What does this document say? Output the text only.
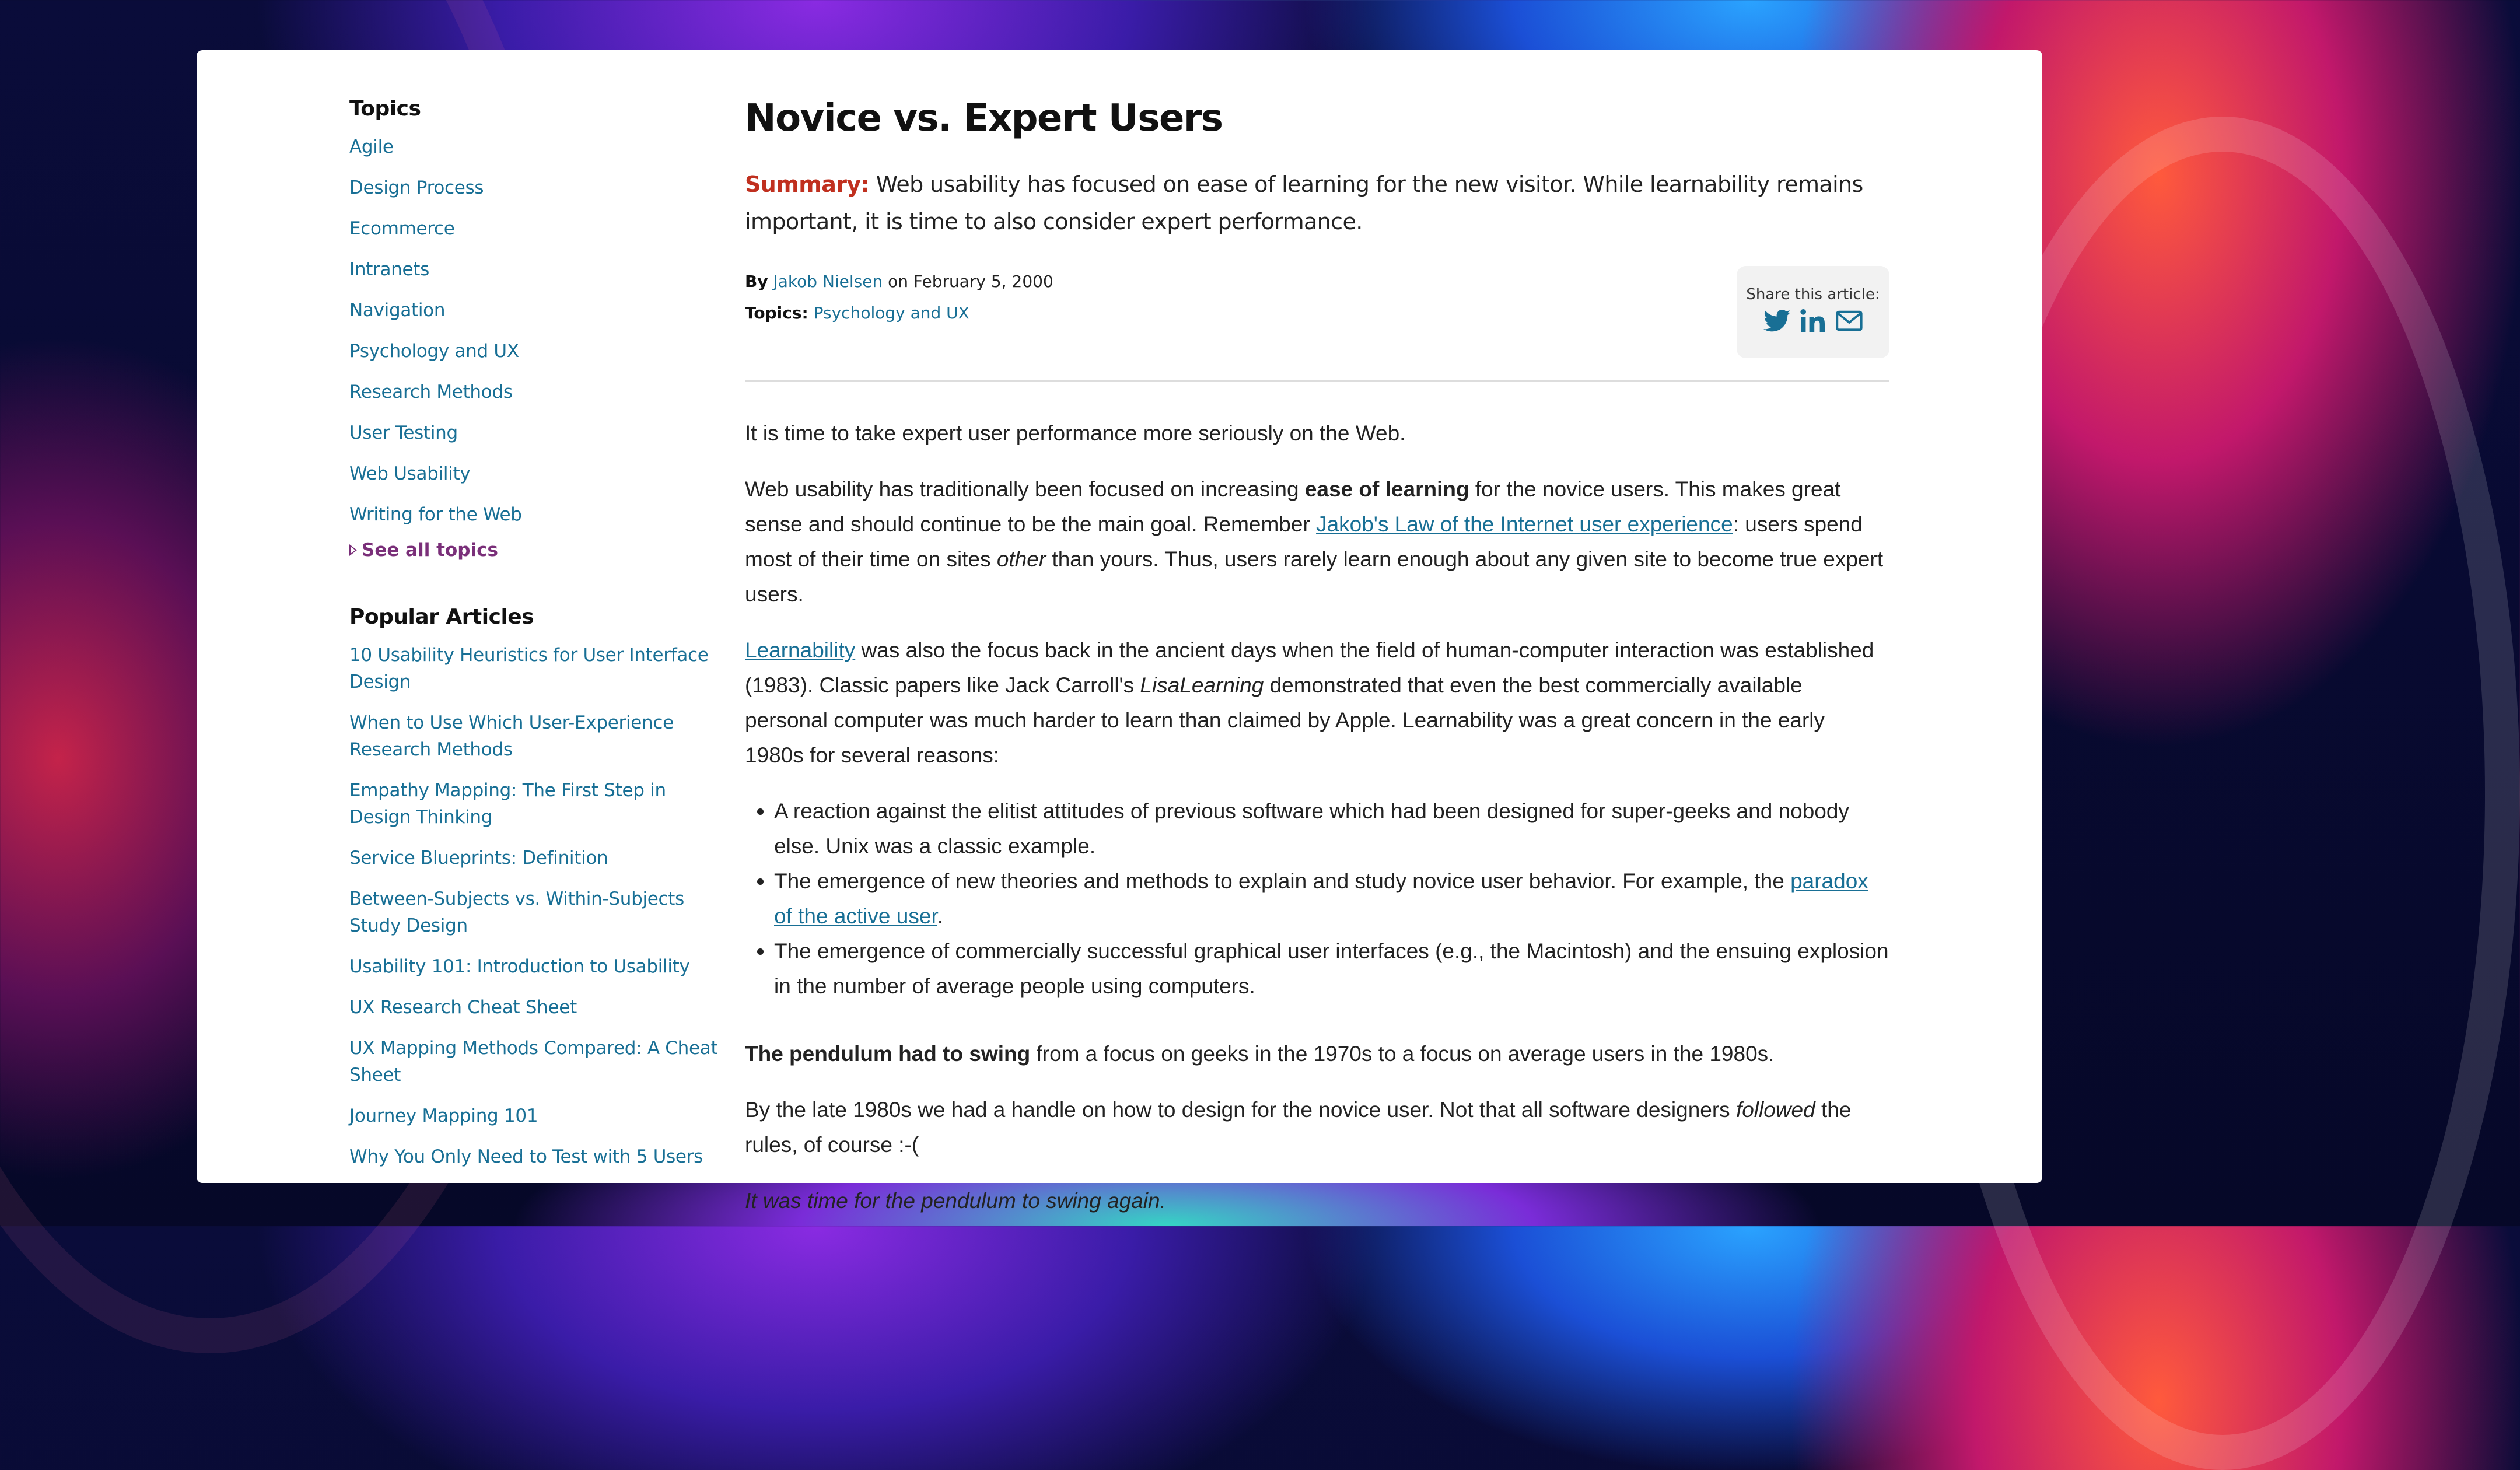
Topics
Agile
Design Process
Ecommerce
Intranets
Navigation
Psychology and UX
Research Methods
User Testing
Web Usability
Writing for the Web
See all topics
Popular Articles
10 Usability Heuristics for User Interface Design
When to Use Which User-Experience Research Methods
Empathy Mapping: The First Step in Design Thinking
Service Blueprints: Definition
Between-Subjects vs. Within-Subjects Study Design
Usability 101: Introduction to Usability
UX Research Cheat Sheet
UX Mapping Methods Compared: A Cheat Sheet
Journey Mapping 101
Why You Only Need to Test with 5 Users
Novice vs. Expert Users

Summary: Web usability has focused on ease of learning for the new visitor. While learnability remains important, it is time to also consider expert performance.

By Jakob Nielsen on February 5, 2000
Topics: Psychology and UX
Share this article:

It is time to take expert user performance more seriously on the Web.

Web usability has traditionally been focused on increasing ease of learning for the novice users. This makes great sense and should continue to be the main goal. Remember Jakob's Law of the Internet user experience: users spend most of their time on sites other than yours. Thus, users rarely learn enough about any given site to become true expert users.

Learnability was also the focus back in the ancient days when the field of human-computer interaction was established (1983). Classic papers like Jack Carroll's LisaLearning demonstrated that even the best commercially available personal computer was much harder to learn than claimed by Apple. Learnability was a great concern in the early 1980s for several reasons:

• A reaction against the elitist attitudes of previous software which had been designed for super-geeks and nobody else. Unix was a classic example.
• The emergence of new theories and methods to explain and study novice user behavior. For example, the paradox of the active user.
• The emergence of commercially successful graphical user interfaces (e.g., the Macintosh) and the ensuing explosion in the number of average people using computers.

The pendulum had to swing from a focus on geeks in the 1970s to a focus on average users in the 1980s.

By the late 1980s we had a handle on how to design for the novice user. Not that all software designers followed the rules, of course :-(

It was time for the pendulum to swing again.
